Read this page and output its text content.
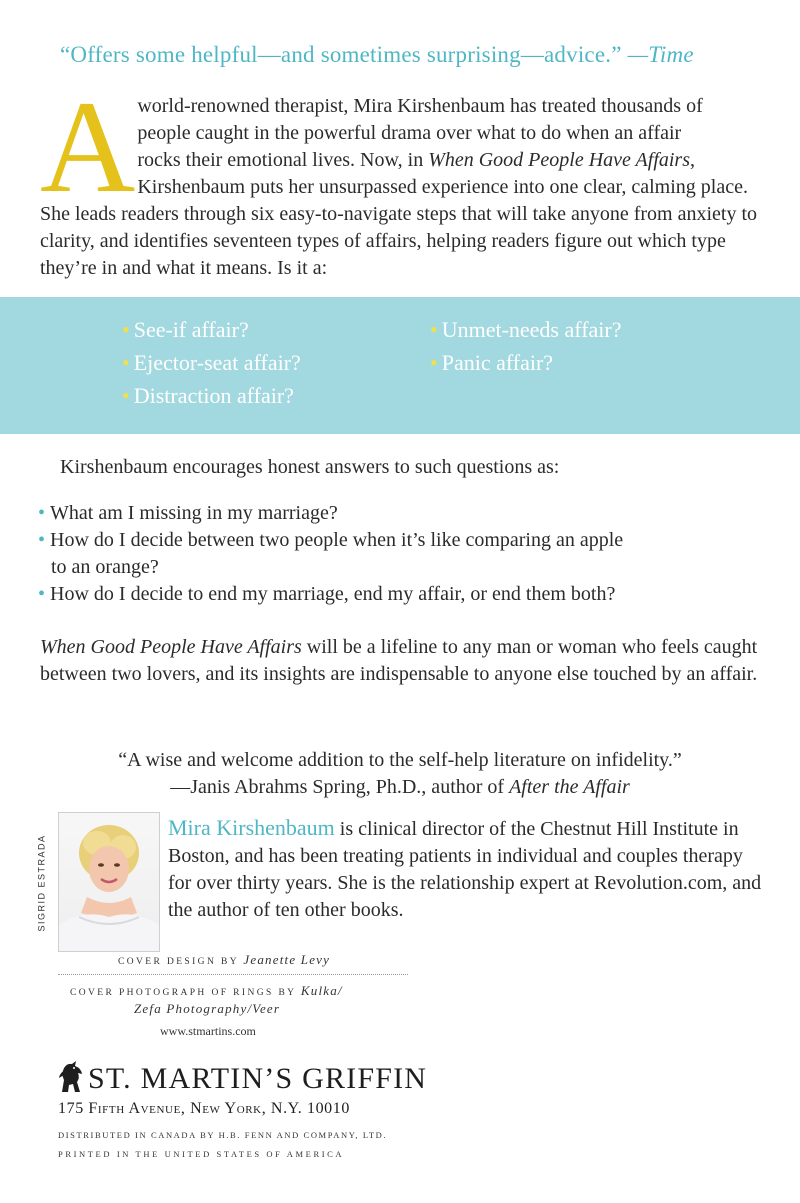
“Offers some helpful—and sometimes surprising—advice.” —Time
A world-renowned therapist, Mira Kirshenbaum has treated thousands of
people caught in the powerful drama over what to do when an affair
rocks their emotional lives. Now, in When Good People Have Affairs, Kirshenbaum puts her unsurpassed experience into one clear, calming place. She leads readers through six easy-to-navigate steps that will take anyone from anxiety to clarity, and identifies seventeen types of affairs, helping readers figure out which type they’re in and what it means. Is it a:
• See-if affair?
• Ejector-seat affair?
• Distraction affair?
• Unmet-needs affair?
• Panic affair?
Kirshenbaum encourages honest answers to such questions as:
• What am I missing in my marriage?
• How do I decide between two people when it’s like comparing an apple
to an orange?
• How do I decide to end my marriage, end my affair, or end them both?
When Good People Have Affairs will be a lifeline to any man or woman who feels caught between two lovers, and its insights are indispensable to anyone else touched by an affair.
“A wise and welcome addition to the self-help literature on infidelity.”
—Janis Abrahms Spring, Ph.D., author of After the Affair
SIGRID ESTRADA
Mira Kirshenbaum is clinical director of the Chestnut Hill Institute in Boston, and has been treating patients in individual and couples therapy for over thirty years. She is the relationship expert at Revolution.com, and the author of ten other books.
COVER DESIGN BY Jeanette Levy
COVER PHOTOGRAPH OF RINGS BY Kulka/
Zefa Photography/Veer
www.stmartins.com
ST. MARTIN’S GRIFFIN
175 Fifth Avenue, New York, N.Y. 10010
DISTRIBUTED IN CANADA BY H.B. FENN AND COMPANY, LTD.
PRINTED IN THE UNITED STATES OF AMERICA
